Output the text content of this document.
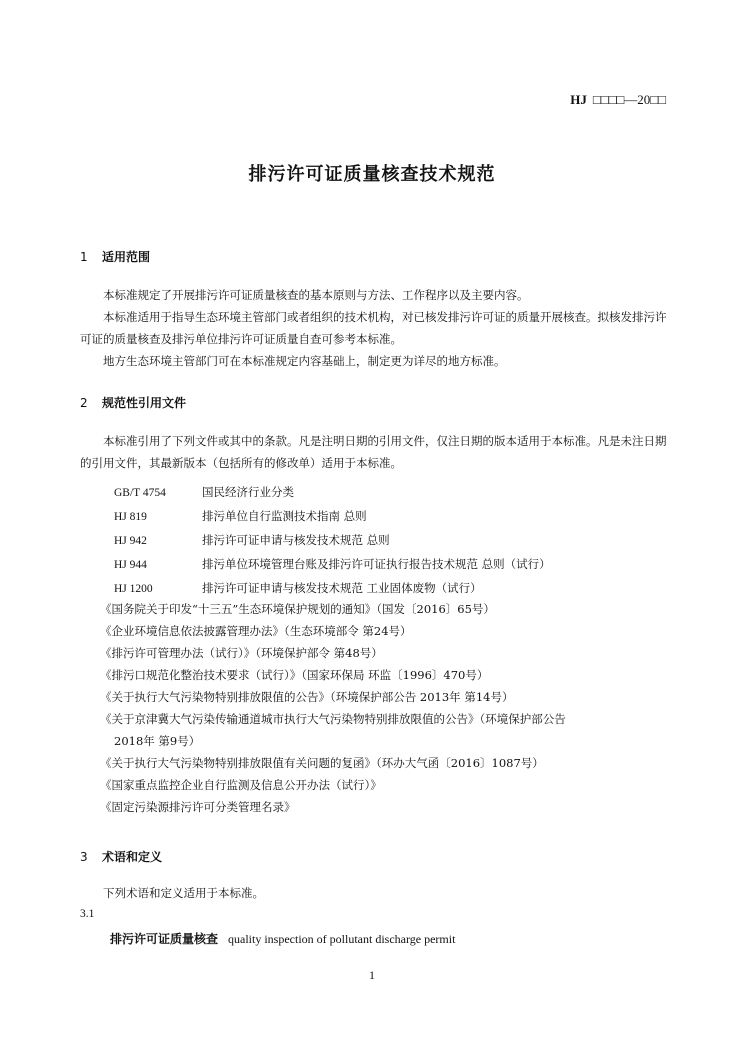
HJ □□□□—20□□
排污许可证质量核查技术规范
1 适用范围
本标准规定了开展排污许可证质量核查的基本原则与方法、工作程序以及主要内容。
本标准适用于指导生态环境主管部门或者组织的技术机构，对已核发排污许可证的质量开展核查。拟核发排污许可证的质量核查及排污单位排污许可证质量自查可参考本标准。
地方生态环境主管部门可在本标准规定内容基础上，制定更为详尽的地方标准。
2 规范性引用文件
本标准引用了下列文件或其中的条款。凡是注明日期的引用文件，仅注日期的版本适用于本标准。凡是未注日期的引用文件，其最新版本（包括所有的修改单）适用于本标准。
GB/T 4754	国民经济行业分类
HJ 819	排污单位自行监测技术指南 总则
HJ 942	排污许可证申请与核发技术规范 总则
HJ 944	排污单位环境管理台账及排污许可证执行报告技术规范 总则（试行）
HJ 1200	排污许可证申请与核发技术规范 工业固体废物（试行）
《国务院关于印发“十三五”生态环境保护规划的通知》（国发〔2016〕65号）
《企业环境信息依法披露管理办法》（生态环境部令 第24号）
《排污许可管理办法（试行）》（环境保护部令 第48号）
《排污口规范化整治技术要求（试行）》（国家环保局 环监〔1996〕470号）
《关于执行大气污染物特别排放限值的公告》（环境保护部公告 2013年 第14号）
《关于京津冀大气污染传输通道城市执行大气污染物特别排放限值的公告》（环境保护部公告
2018年 第9号）
《关于执行大气污染物特别排放限值有关问题的复函》（环办大气函〔2016〕1087号）
《国家重点监控企业自行监测及信息公开办法（试行）》
《固定污染源排污许可分类管理名录》
3 术语和定义
下列术语和定义适用于本标准。
3.1
排污许可证质量核查 quality inspection of pollutant discharge permit
1
